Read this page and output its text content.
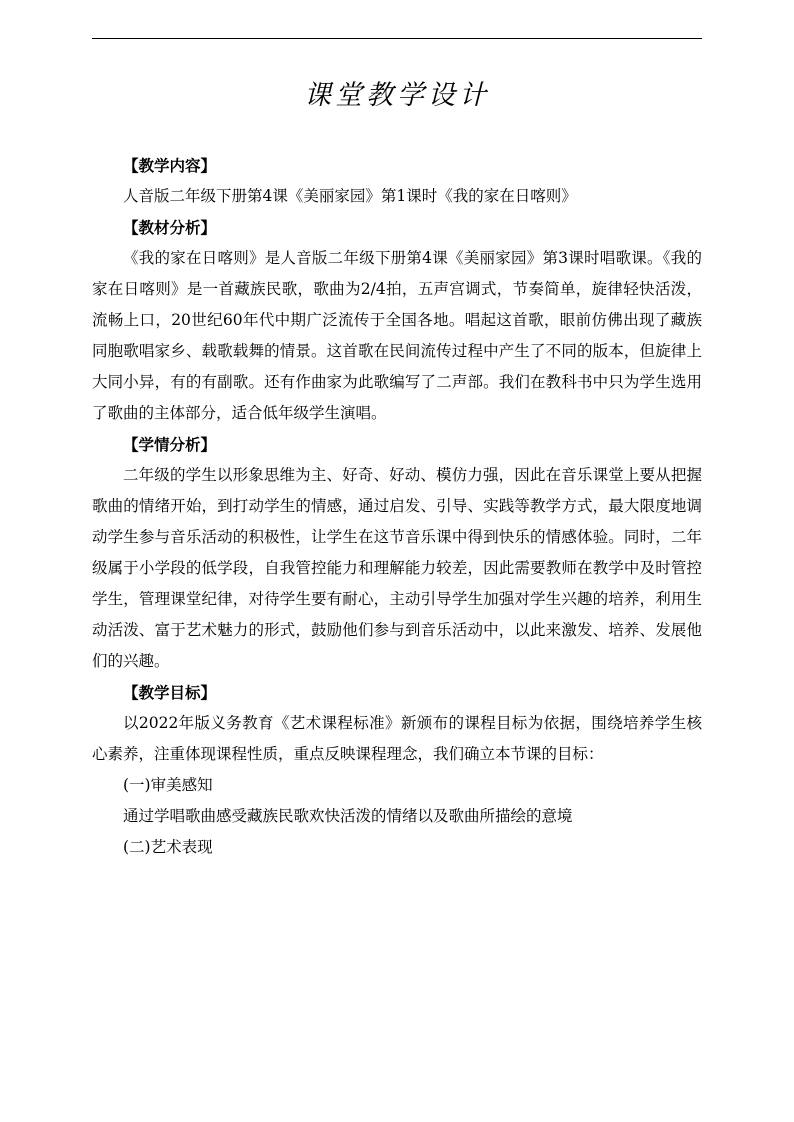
课堂教学设计

【教学内容】

人音版二年级下册第4课《美丽家园》第1课时《我的家在日喀则》

【教材分析】

《我的家在日喀则》是人音版二年级下册第4课《美丽家园》第3课时唱歌课。《我的家在日喀则》是一首藏族民歌，歌曲为2/4拍，五声宫调式，节奏简单，旋律轻快活泼，流畅上口，20世纪60年代中期广泛流传于全国各地。唱起这首歌，眼前仿佛出现了藏族同胞歌唱家乡、载歌载舞的情景。这首歌在民间流传过程中产生了不同的版本，但旋律上大同小异，有的有副歌。还有作曲家为此歌编写了二声部。我们在教科书中只为学生选用了歌曲的主体部分，适合低年级学生演唱。

【学情分析】

二年级的学生以形象思维为主、好奇、好动、模仿力强，因此在音乐课堂上要从把握歌曲的情绪开始，到打动学生的情感，通过启发、引导、实践等教学方式，最大限度地调动学生参与音乐活动的积极性，让学生在这节音乐课中得到快乐的情感体验。同时，二年级属于小学段的低学段，自我管控能力和理解能力较差，因此需要教师在教学中及时管控学生，管理课堂纪律，对待学生要有耐心，主动引导学生加强对学生兴趣的培养，利用生动活泼、富于艺术魅力的形式，鼓励他们参与到音乐活动中，以此来激发、培养、发展他们的兴趣。

【教学目标】

以2022年版义务教育《艺术课程标准》新颁布的课程目标为依据，围绕培养学生核心素养，注重体现课程性质，重点反映课程理念，我们确立本节课的目标：

(一)审美感知

通过学唱歌曲感受藏族民歌欢快活泼的情绪以及歌曲所描绘的意境

(二)艺术表现
